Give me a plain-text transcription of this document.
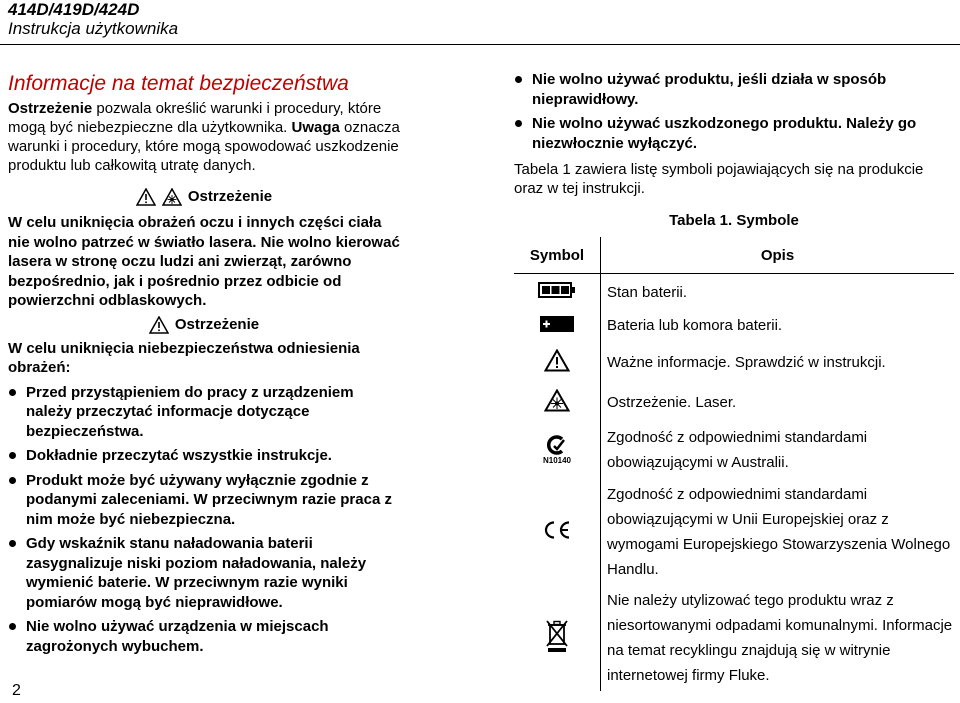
414D/419D/424D
Instrukcja użytkownika
Informacje na temat bezpieczeństwa
Ostrzeżenie pozwala określić warunki i procedury, które mogą być niebezpieczne dla użytkownika. Uwaga oznacza warunki i procedury, które mogą spowodować uszkodzenie produktu lub całkowitą utratę danych.
Ostrzeżenie
W celu uniknięcia obrażeń oczu i innych części ciała nie wolno patrzeć w światło lasera. Nie wolno kierować lasera w stronę oczu ludzi ani zwierząt, zarówno bezpośrednio, jak i pośrednio przez odbicie od powierzchni odblaskowych.
Ostrzeżenie
W celu uniknięcia niebezpieczeństwa odniesienia obrażeń:
Przed przystąpieniem do pracy z urządzeniem należy przeczytać informacje dotyczące bezpieczeństwa.
Dokładnie przeczytać wszystkie instrukcje.
Produkt może być używany wyłącznie zgodnie z podanymi zaleceniami. W przeciwnym razie praca z nim może być niebezpieczna.
Gdy wskaźnik stanu naładowania baterii zasygnalizuje niski poziom naładowania, należy wymienić baterie. W przeciwnym razie wyniki pomiarów mogą być nieprawidłowe.
Nie wolno używać urządzenia w miejscach zagrożonych wybuchem.
Nie wolno używać produktu, jeśli działa w sposób nieprawidłowy.
Nie wolno używać uszkodzonego produktu. Należy go niezwłocznie wyłączyć.
Tabela 1 zawiera listę symboli pojawiających się na produkcie oraz w tej instrukcji.
Tabela 1. Symbole
Symbol	Opis
	Stan baterii.
	Bateria lub komora baterii.
	Ważne informacje. Sprawdzić w instrukcji.
	Ostrzeżenie. Laser.

N10140	Zgodność z odpowiednimi standardami obowiązującymi w Australii.
	Zgodność z odpowiednimi standardami obowiązującymi w Unii Europejskiej oraz z wymogami Europejskiego Stowarzyszenia Wolnego Handlu.
	Nie należy utylizować tego produktu wraz z niesortowanymi odpadami komunalnymi. Informacje na temat recyklingu znajdują się w witrynie internetowej firmy Fluke.
2
